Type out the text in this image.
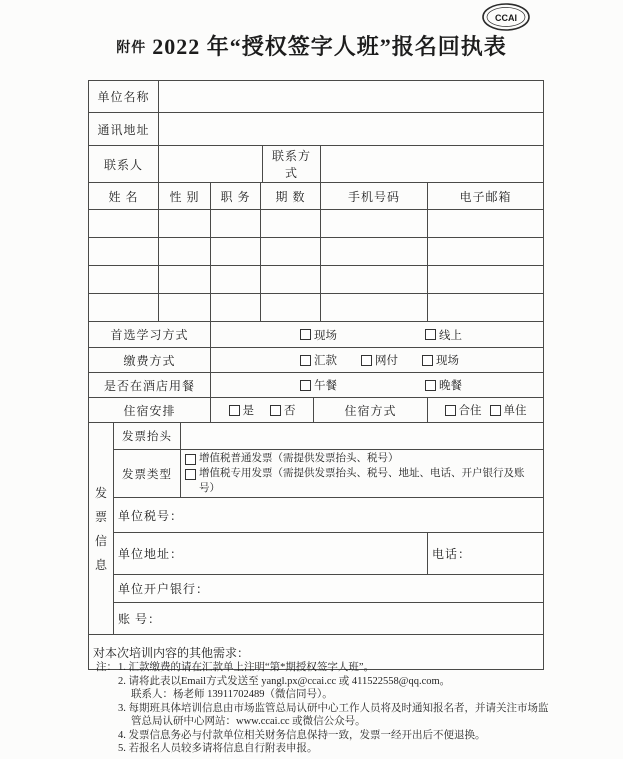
CCAI
附件 2022 年“授权签字人班”报名回执表
单位名称			
通讯地址			
联系人		联系方式	
姓 名	性 别	职 务	期 数	手机号码	电子邮箱

首选学习方式	现场 线上		

缴费方式	汇款 网付 现场		

是否在酒店用餐	午餐 晚餐		

住宿安排	是 否	住宿方式	合住 单住
发票信息	发票抬头		
	发票类型	增值税普通发票（需提供发票抬头、税号）
增值税专用发票（需提供发票抬头、税号、地址、电话、开户银行及账号）	

	单位税号：		
	单位地址：		电话：
	单位开户银行：		
	账 号：		
对本次培训内容的其他需求：
注： 1. 汇款缴费的请在汇款单上注明“第*期授权签字人班”。
2. 请将此表以Email方式发送至 yangl.px@ccai.cc 或 411522558@qq.com。
联系人：杨老师 13911702489（微信同号）。
3. 每期班具体培训信息由市场监管总局认研中心工作人员将及时通知报名者，并请关注市场监管总局认研中心网站：www.ccai.cc 或微信公众号。
4. 发票信息务必与付款单位相关财务信息保持一致，发票一经开出后不便退换。
5. 若报名人员较多请将信息自行附表申报。
